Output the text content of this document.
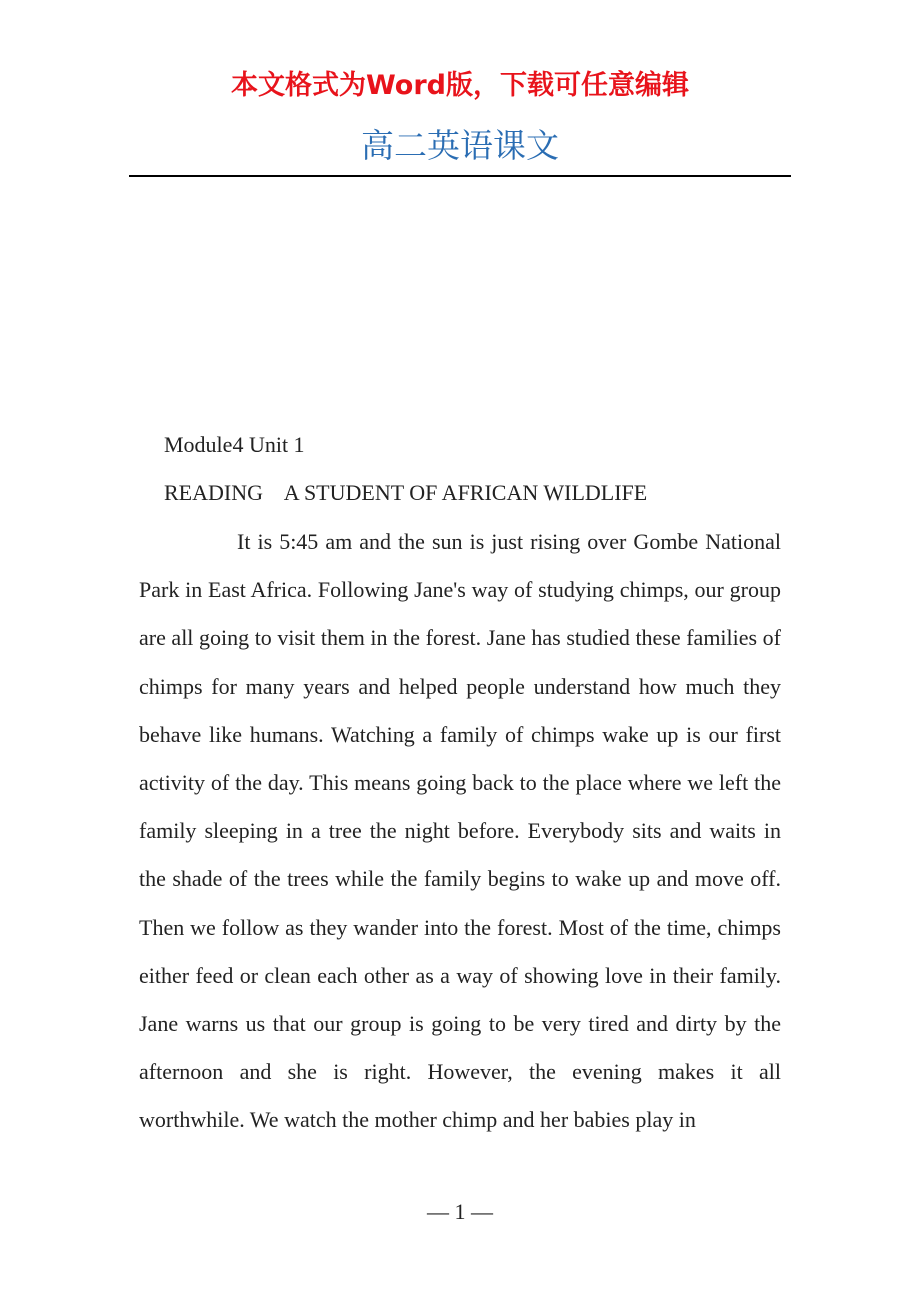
本文格式为Word版，下载可任意编辑

高二英语课文

Module4 Unit 1

READING    A STUDENT OF AFRICAN WILDLIFE

It is 5:45 am and the sun is just rising over Gombe National Park in East Africa. Following Jane's way of studying chimps, our group are all going to visit them in the forest. Jane has studied these families of chimps for many years and helped people understand how much they behave like humans. Watching a family of chimps wake up is our first activity of the day. This means going back to the place where we left the family sleeping in a tree the night before. Everybody sits and waits in the shade of the trees while the family begins to wake up and move off. Then we follow as they wander into the forest. Most of the time, chimps either feed or clean each other as a way of showing love in their family. Jane warns us that our group is going to be very tired and dirty by the afternoon and she is right. However, the evening makes it all worthwhile. We watch the mother chimp and her babies play in

— 1 —
